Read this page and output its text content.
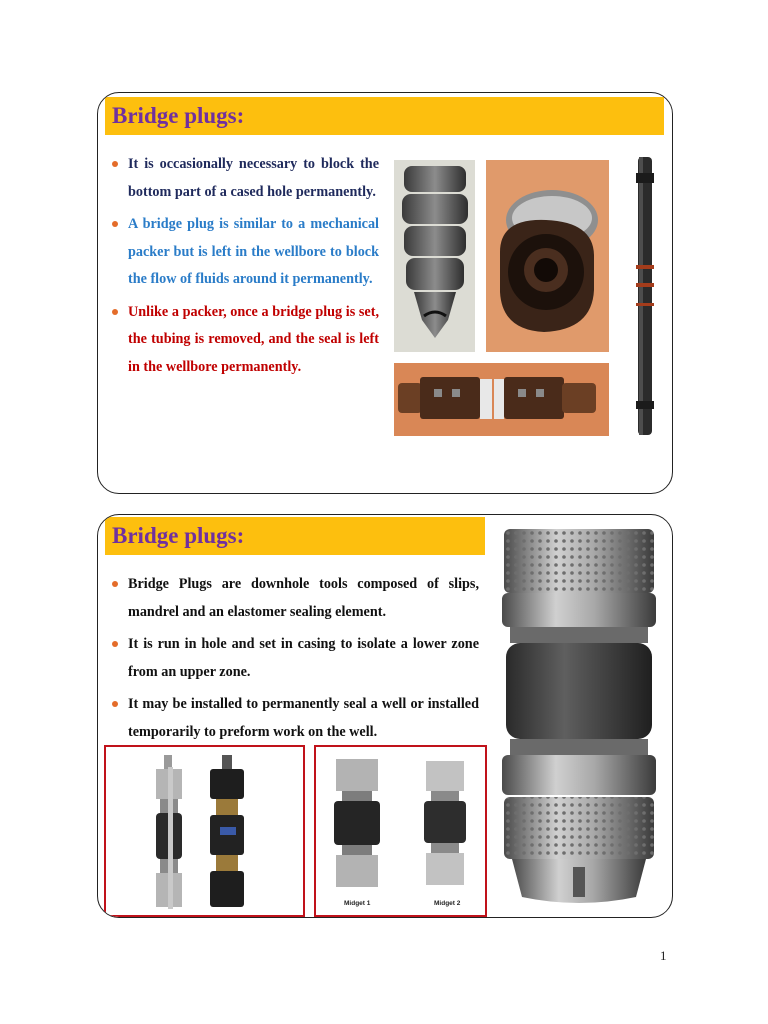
Bridge plugs:
It is occasionally necessary to block the bottom part of a cased hole permanently.
A bridge plug is similar to a mechanical packer but is left in the wellbore to block the flow of fluids around it permanently.
Unlike a packer, once a bridge plug is set, the tubing is removed, and the seal is left in the wellbore permanently.
Bridge plugs:
Bridge Plugs are downhole tools composed of slips, mandrel and an elastomer sealing element.
It is run in hole and set in casing to isolate a lower zone from an upper zone.
It may be installed to permanently seal a well or installed temporarily to preform work on the well.
Midget 1	Midget 2
1
